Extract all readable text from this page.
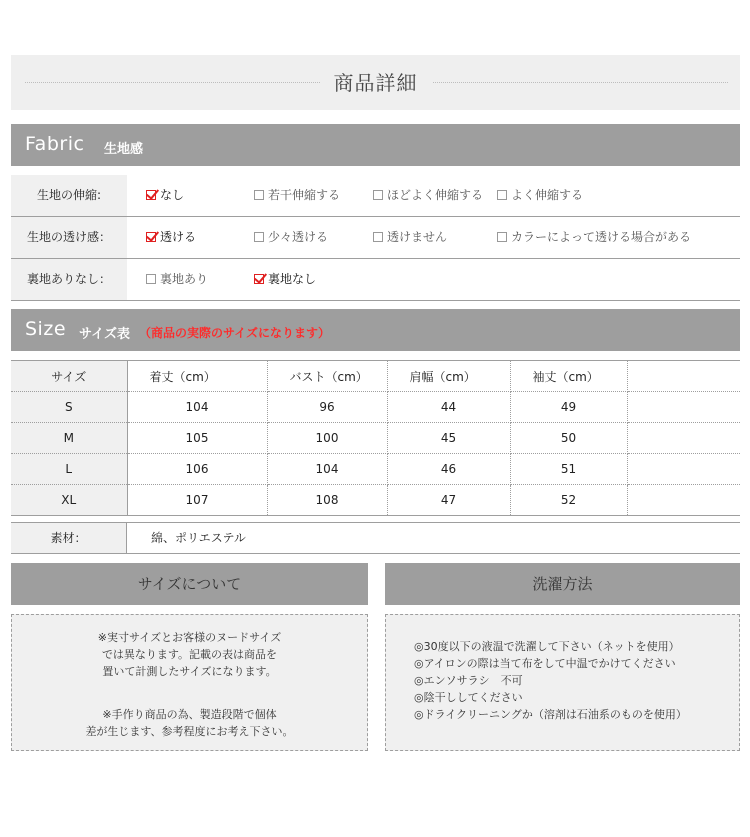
商品詳細
Fabric 生地感
生地の伸縮:	なし	若干伸縮する	ほどよく伸縮する	よく伸縮する
生地の透け感：	透ける	少々透ける	透けません	カラーによって透ける場合がある
裏地ありなし：	裏地あり	裏地なし
Size サイズ表 （商品の実際のサイズになります）
サイズ	着丈（cm）	バスト（cm）	肩幅（cm）	袖丈（cm）	
S	104	96	44	49	
M	105	100	45	50	
L	106	104	46	51	
XL	107	108	47	52	
素材：	綿、ポリエステル
サイズについて
※実寸サイズとお客様のヌードサイズ
では異なります。記載の表は商品を
置いて計測したサイズになります。
※手作り商品の為、製造段階で個体
差が生じます、参考程度にお考え下さい。
洗濯方法
◎30度以下の液温で洗濯して下さい（ネットを使用）
◎アイロンの際は当て布をして中温でかけてください
◎エンソサラシ　不可
◎陰干ししてください
◎ドライクリーニングか（溶剤は石油系のものを使用）
